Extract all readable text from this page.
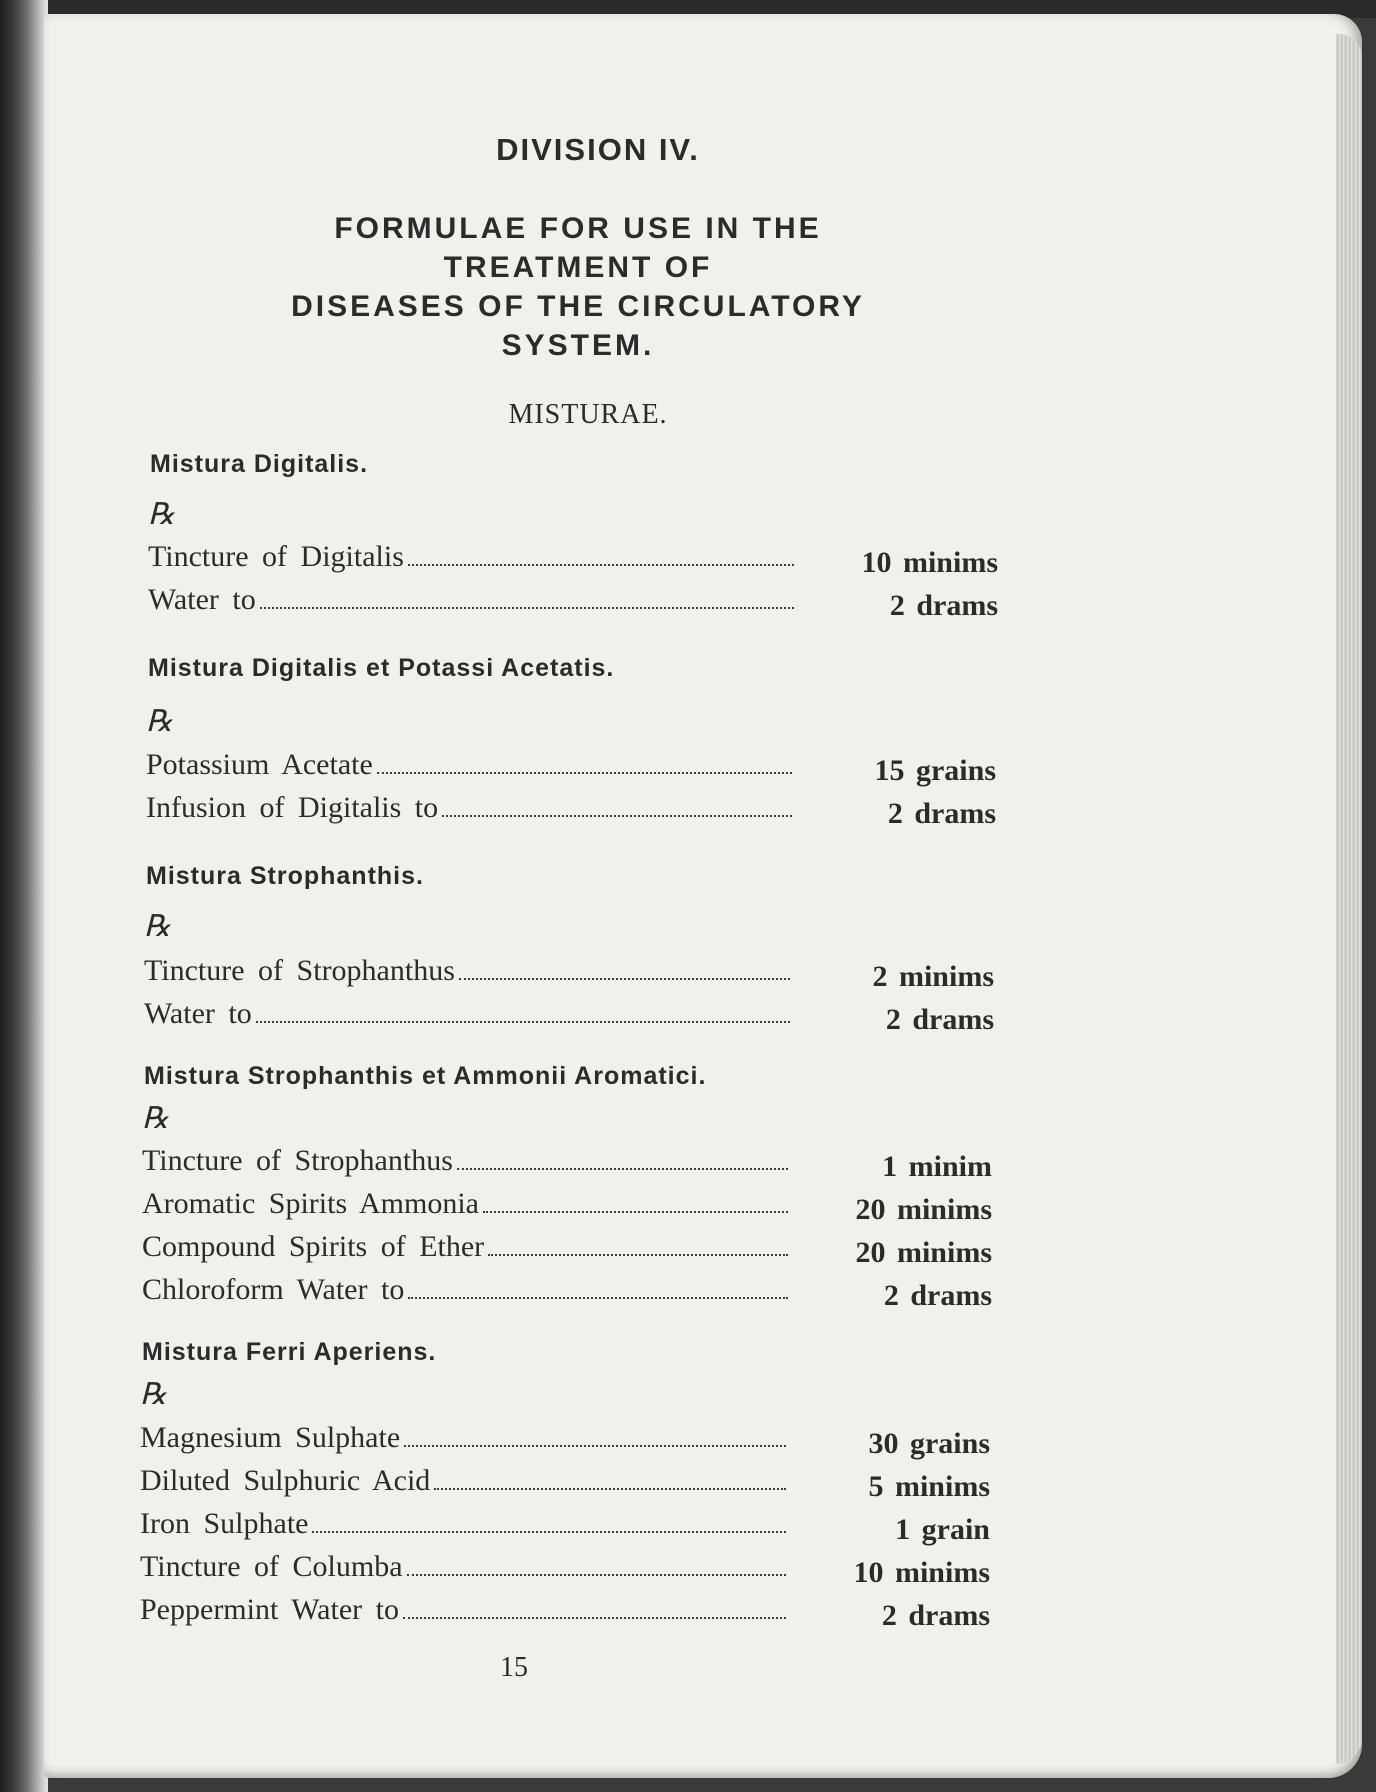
DIVISION IV.
FORMULAE FOR USE IN THE
TREATMENT OF
DISEASES OF THE CIRCULATORY
SYSTEM.
MISTURAE.
Mistura Digitalis.
℞
Tincture of Digitalis	10 minims
Water to	2 drams
Mistura Digitalis et Potassi Acetatis.
℞
Potassium Acetate	15 grains
Infusion of Digitalis to	2 drams
Mistura Strophanthis.
℞
Tincture of Strophanthus	2 minims
Water to	2 drams
Mistura Strophanthis et Ammonii Aromatici.
℞
Tincture of Strophanthus	1 minim
Aromatic Spirits Ammonia	20 minims
Compound Spirits of Ether	20 minims
Chloroform Water to	2 drams
Mistura Ferri Aperiens.
℞
Magnesium Sulphate	30 grains
Diluted Sulphuric Acid	5 minims
Iron Sulphate	1 grain
Tincture of Columba	10 minims
Peppermint Water to	2 drams
15
